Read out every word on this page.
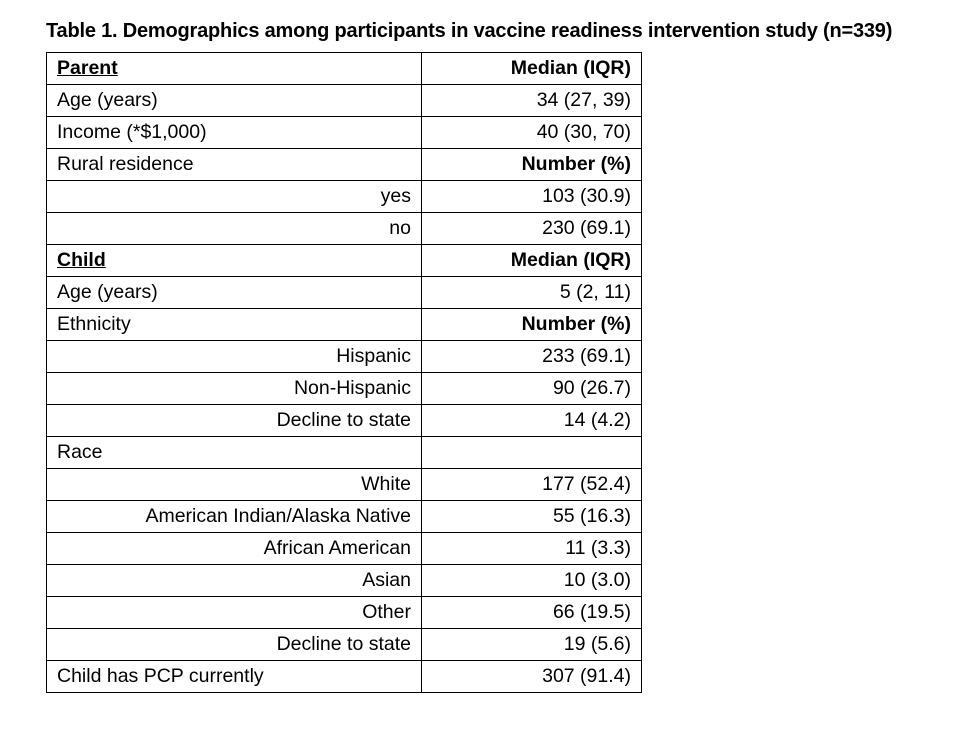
Table 1. Demographics among participants in vaccine readiness intervention study (n=339)
Parent	Median (IQR)
Age (years)	34 (27, 39)
Income (*$1,000)	40 (30, 70)
Rural residence	Number (%)
yes	103 (30.9)
no	230 (69.1)
Child	Median (IQR)
Age (years)	5 (2, 11)
Ethnicity	Number (%)
Hispanic	233 (69.1)
Non-Hispanic	90 (26.7)
Decline to state	14 (4.2)
Race	
White	177 (52.4)
American Indian/Alaska Native	55 (16.3)
African American	11 (3.3)
Asian	10 (3.0)
Other	66 (19.5)
Decline to state	19 (5.6)
Child has PCP currently	307 (91.4)
